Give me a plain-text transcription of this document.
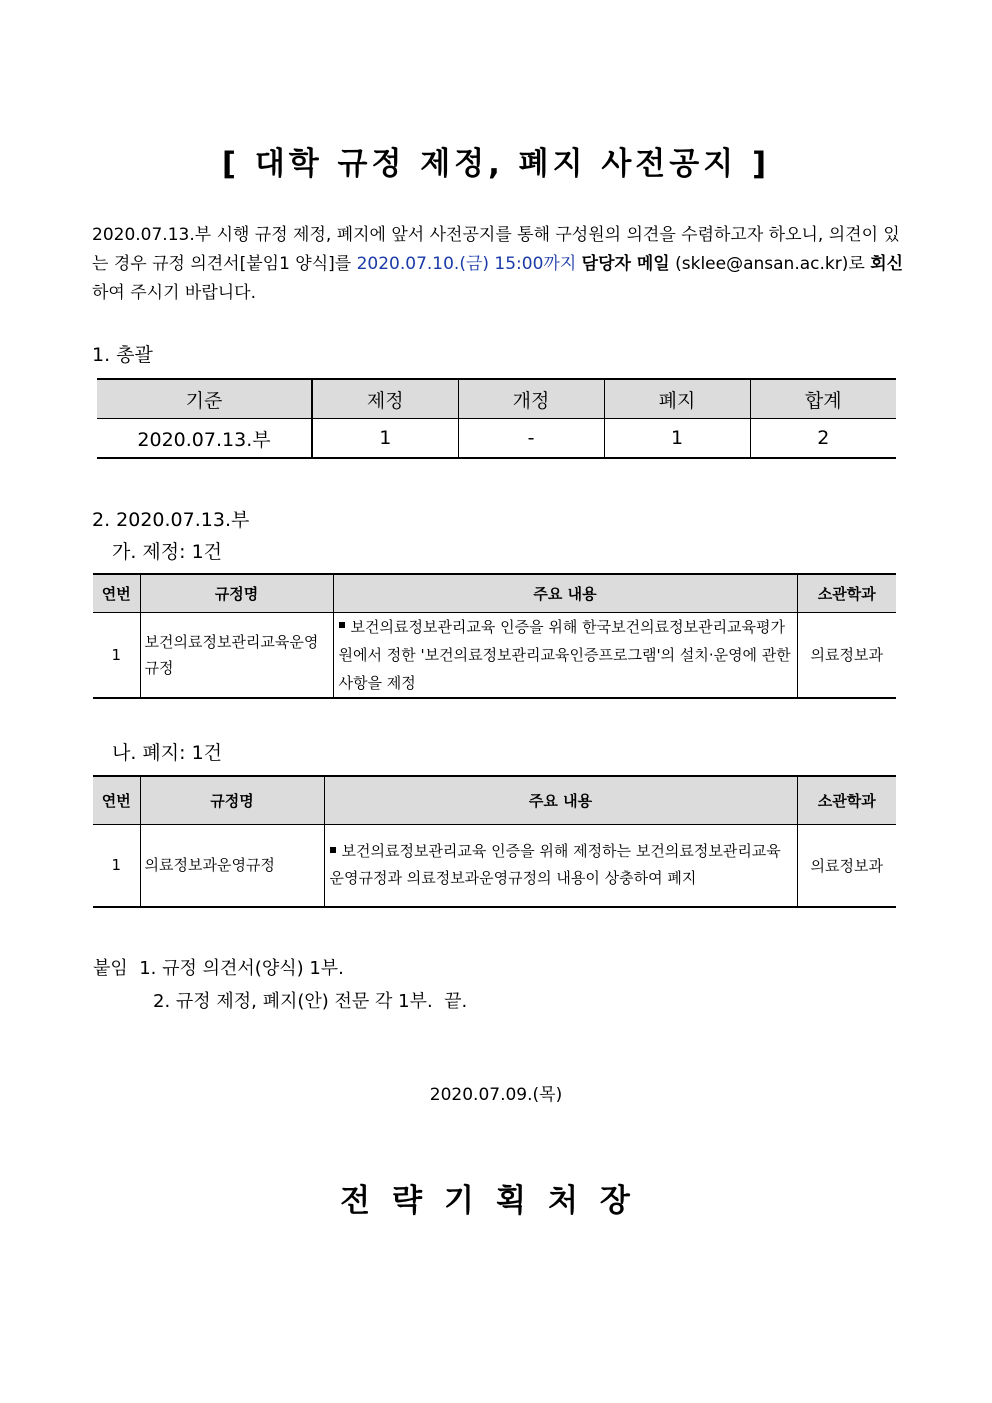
[ 대학 규정 제정, 폐지 사전공지 ]
2020.07.13.부 시행 규정 제정, 폐지에 앞서 사전공지를 통해 구성원의 의견을 수렴하고자 하오니, 의견이 있는 경우 규정 의견서[붙임1 양식]를 2020.07.10.(금) 15:00까지 담당자 메일 (sklee@ansan.ac.kr)로 회신하여 주시기 바랍니다.
1. 총괄
기준	제정	개정	폐지	합계
2020.07.13.부	1	-	1	2
2. 2020.07.13.부
가. 제정: 1건
연번	규정명	주요 내용	소관학과
1	보건의료정보관리교육운영규정	보건의료정보관리교육 인증을 위해 한국보건의료정보관리교육평가원에서 정한 '보건의료정보관리교육인증프로그램'의 설치·운영에 관한 사항을 제정	의료정보과
나. 폐지: 1건
연번	규정명	주요 내용	소관학과
1	의료정보과운영규정	보건의료정보관리교육 인증을 위해 제정하는 보건의료정보관리교육운영규정과 의료정보과운영규정의 내용이 상충하여 폐지	의료정보과
붙임 1. 규정 의견서(양식) 1부.
2. 규정 제정, 폐지(안) 전문 각 1부. 끝.
2020.07.09.(목)
전략기획처장
